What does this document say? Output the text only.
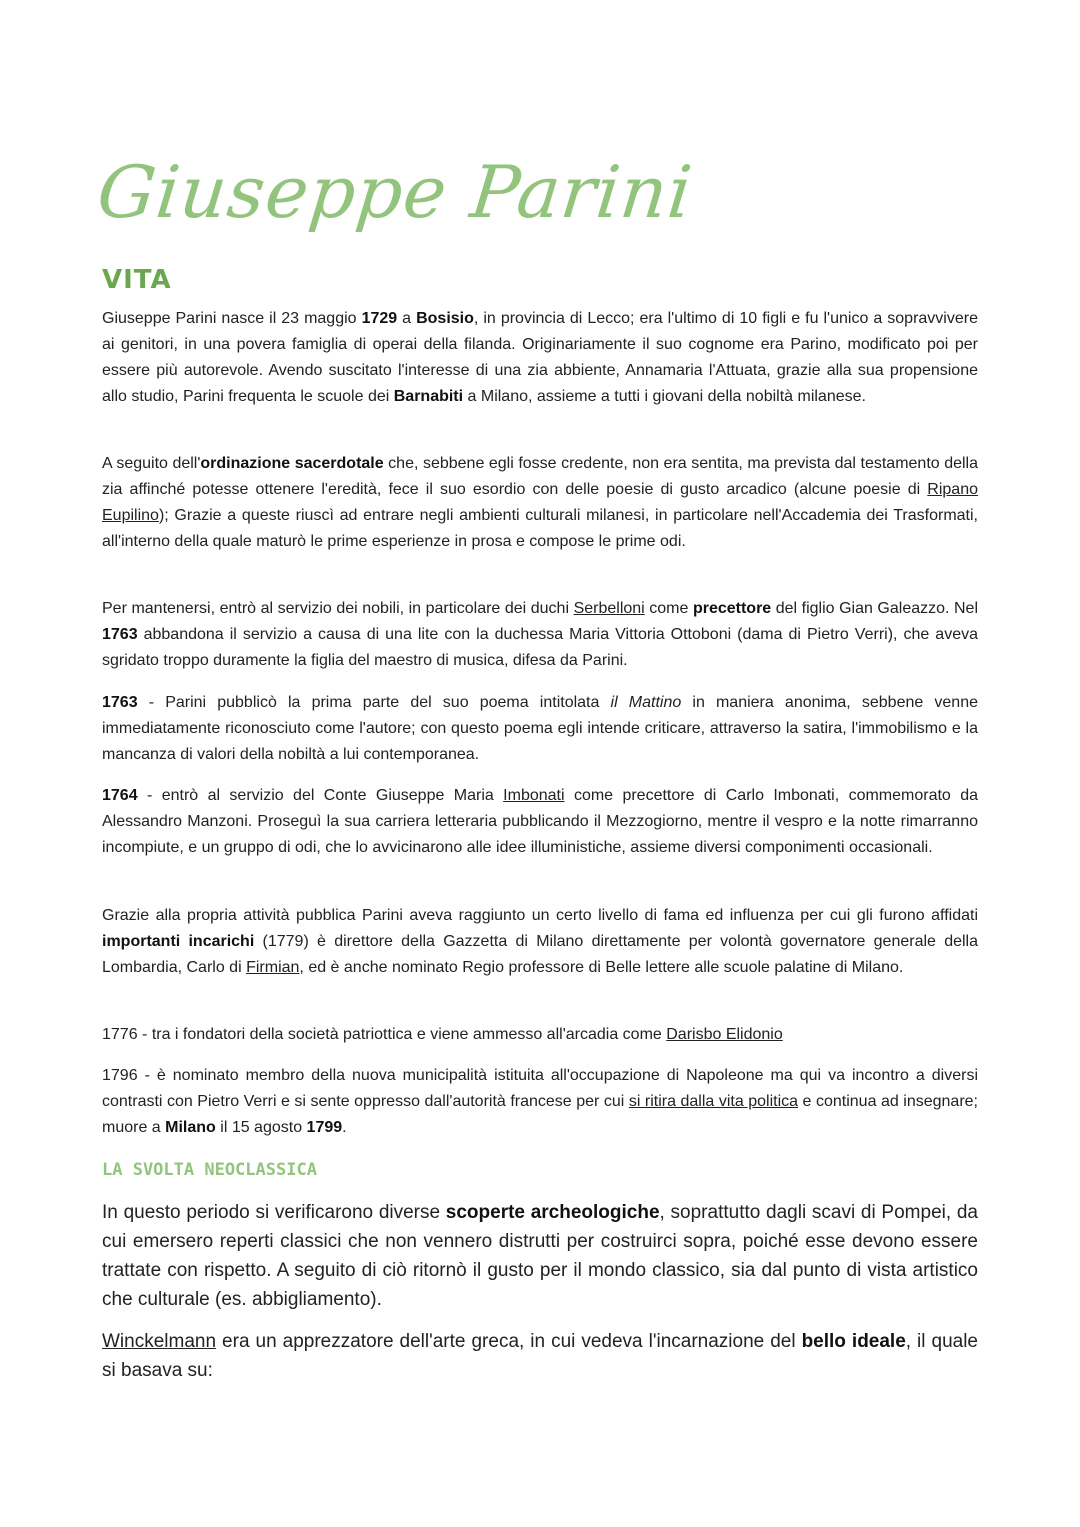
Giuseppe Parini
VITA

Giuseppe Parini nasce il 23 maggio 1729 a Bosisio, in provincia di Lecco; era l'ultimo di 10 figli e fu l'unico a sopravvivere ai genitori, in una povera famiglia di operai della filanda. Originariamente il suo cognome era Parino, modificato poi per essere più autorevole. Avendo suscitato l'interesse di una zia abbiente, Annamaria l'Attuata, grazie alla sua propensione allo studio, Parini frequenta le scuole dei Barnabiti a Milano, assieme a tutti i giovani della nobiltà milanese.

A seguito dell'ordinazione sacerdotale che, sebbene egli fosse credente, non era sentita, ma prevista dal testamento della zia affinché potesse ottenere l'eredità, fece il suo esordio con delle poesie di gusto arcadico (alcune poesie di Ripano Eupilino); Grazie a queste riuscì ad entrare negli ambienti culturali milanesi, in particolare nell'Accademia dei Trasformati, all'interno della quale maturò le prime esperienze in prosa e compose le prime odi.

Per mantenersi, entrò al servizio dei nobili, in particolare dei duchi Serbelloni come precettore del figlio Gian Galeazzo. Nel 1763 abbandona il servizio a causa di una lite con la duchessa Maria Vittoria Ottoboni (dama di Pietro Verri), che aveva sgridato troppo duramente la figlia del maestro di musica, difesa da Parini.

1763 - Parini pubblicò la prima parte del suo poema intitolata il Mattino in maniera anonima, sebbene venne immediatamente riconosciuto come l'autore; con questo poema egli intende criticare, attraverso la satira, l'immobilismo e la mancanza di valori della nobiltà a lui contemporanea.

1764 - entrò al servizio del Conte Giuseppe Maria Imbonati come precettore di Carlo Imbonati, commemorato da Alessandro Manzoni. Proseguì la sua carriera letteraria pubblicando il Mezzogiorno, mentre il vespro e la notte rimarranno incompiute, e un gruppo di odi, che lo avvicinarono alle idee illuministiche, assieme diversi componimenti occasionali.

Grazie alla propria attività pubblica Parini aveva raggiunto un certo livello di fama ed influenza per cui gli furono affidati importanti incarichi (1779) è direttore della Gazzetta di Milano direttamente per volontà governatore generale della Lombardia, Carlo di Firmian, ed è anche nominato Regio professore di Belle lettere alle scuole palatine di Milano.

1776 - tra i fondatori della società patriottica e viene ammesso all'arcadia come Darisbo Elidonio

1796 - è nominato membro della nuova municipalità istituita all'occupazione di Napoleone ma qui va incontro a diversi contrasti con Pietro Verri e si sente oppresso dall'autorità francese per cui si ritira dalla vita politica e continua ad insegnare; muore a Milano il 15 agosto 1799.

LA SVOLTA NEOCLASSICA

In questo periodo si verificarono diverse scoperte archeologiche, soprattutto dagli scavi di Pompei, da cui emersero reperti classici che non vennero distrutti per costruirci sopra, poiché esse devono essere trattate con rispetto. A seguito di ciò ritornò il gusto per il mondo classico, sia dal punto di vista artistico che culturale (es. abbigliamento).

Winckelmann era un apprezzatore dell'arte greca, in cui vedeva l'incarnazione del bello ideale, il quale si basava su:
